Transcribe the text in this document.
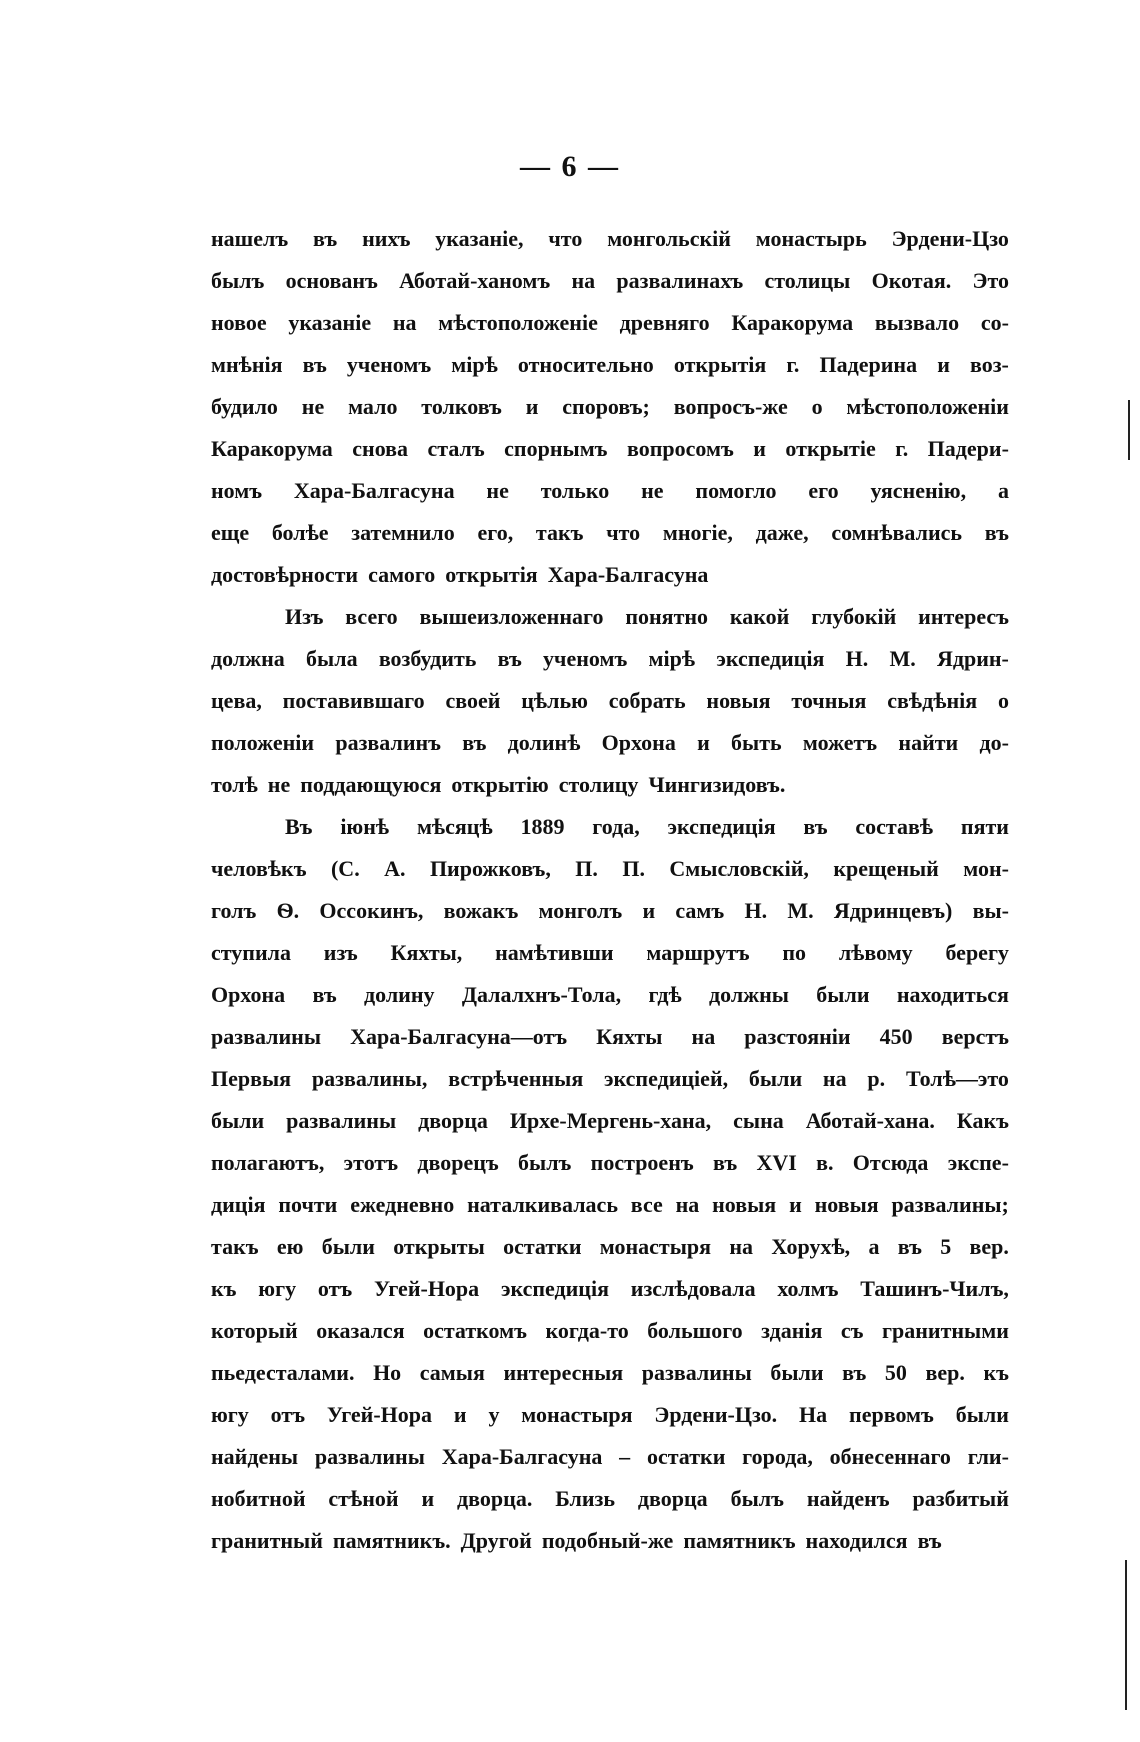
— 6 —
нашелъ въ нихъ указаніе, что монгольскій монастырь Эрдени-Цзо
былъ основанъ Аботай-ханомъ на развалинахъ столицы Окотая. Это
новое указаніе на мѣстоположеніе древняго Каракорума вызвало со-
мнѣнія въ ученомъ мірѣ относительно открытія г. Падерина и воз-
будило не мало толковъ и споровъ; вопросъ-же о мѣстоположеніи
Каракорума снова сталъ спорнымъ вопросомъ и открытіе г. Падери-
номъ Хара-Балгасуна не только не помогло его уясненію, а
еще болѣе затемнило его, такъ что многіе, даже, сомнѣвались въ
достовѣрности самого открытія Хара-Балгасуна
Изъ всего вышеизложеннаго понятно какой глубокій интересъ
должна была возбудить въ ученомъ мірѣ экспедиція Н. М. Ядрин-
цева, поставившаго своей цѣлью собрать новыя точныя свѣдѣнія о
положеніи развалинъ въ долинѣ Орхона и быть можетъ найти до-
толѣ не поддающуюся открытію столицу Чингизидовъ.
Въ іюнѣ мѣсяцѣ 1889 года, экспедиція въ составѣ пяти
человѣкъ (С. А. Пирожковъ, П. П. Смысловскій, крещеный мон-
голъ Ѳ. Оссокинъ, вожакъ монголъ и самъ Н. М. Ядринцевъ) вы-
ступила изъ Кяхты, намѣтивши маршрутъ по лѣвому берегу
Орхона въ долину Далалхнъ-Тола, гдѣ должны были находиться
развалины Хара-Балгасуна—отъ Кяхты на разстояніи 450 верстъ
Первыя развалины, встрѣченныя экспедиціей, были на р. Толѣ—это
были развалины дворца Ирхе-Мергень-хана, сына Аботай-хана. Какъ
полагаютъ, этотъ дворецъ былъ построенъ въ XVI в. Отсюда экспе-
диція почти ежедневно наталкивалась все на новыя и новыя развалины;
такъ ею были открыты остатки монастыря на Хорухѣ, а въ 5 вер.
къ югу отъ Угей-Нора экспедиція изслѣдовала холмъ Ташинъ-Чилъ,
который оказался остаткомъ когда-то большого зданія съ гранитными
пьедесталами. Но самыя интересныя развалины были въ 50 вер. къ
югу отъ Угей-Нора и у монастыря Эрдени-Цзо. На первомъ были
найдены развалины Хара-Балгасуна – остатки города, обнесеннаго гли-
нобитной стѣной и дворца. Близь дворца былъ найденъ разбитый
гранитный памятникъ. Другой подобный-же памятникъ находился въ
